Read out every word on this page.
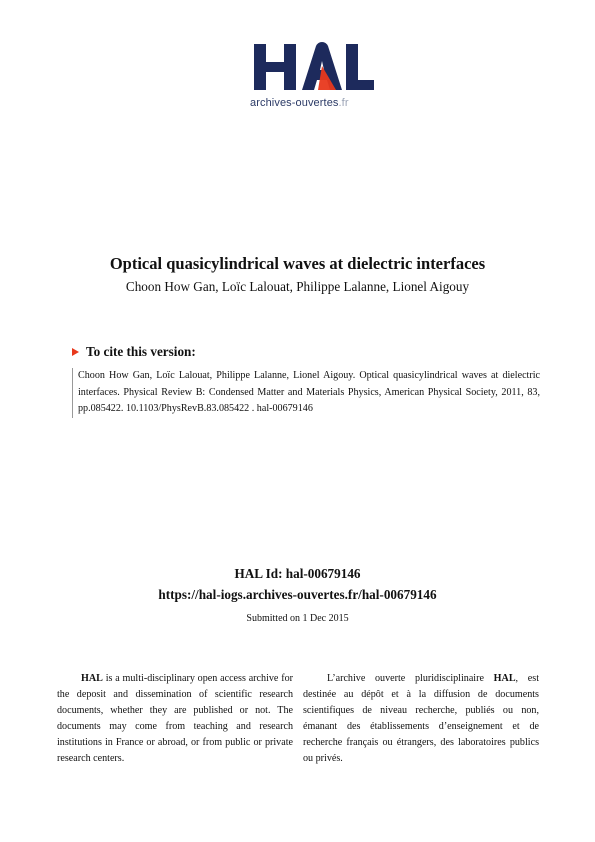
archives-ouvertes.fr
Optical quasicylindrical waves at dielectric interfaces
Choon How Gan, Loïc Lalouat, Philippe Lalanne, Lionel Aigouy
To cite this version:
Choon How Gan, Loïc Lalouat, Philippe Lalanne, Lionel Aigouy. Optical quasicylindrical waves at dielectric interfaces. Physical Review B: Condensed Matter and Materials Physics, American Physical Society, 2011, 83, pp.085422. 10.1103/PhysRevB.83.085422 . hal-00679146
HAL Id: hal-00679146
https://hal-iogs.archives-ouvertes.fr/hal-00679146
Submitted on 1 Dec 2015

HAL is a multi-disciplinary open access archive for the deposit and dissemination of scientific research documents, whether they are published or not. The documents may come from teaching and research institutions in France or abroad, or from public or private research centers.

L’archive ouverte pluridisciplinaire HAL, est destinée au dépôt et à la diffusion de documents scientifiques de niveau recherche, publiés ou non, émanant des établissements d’enseignement et de recherche français ou étrangers, des laboratoires publics ou privés.
